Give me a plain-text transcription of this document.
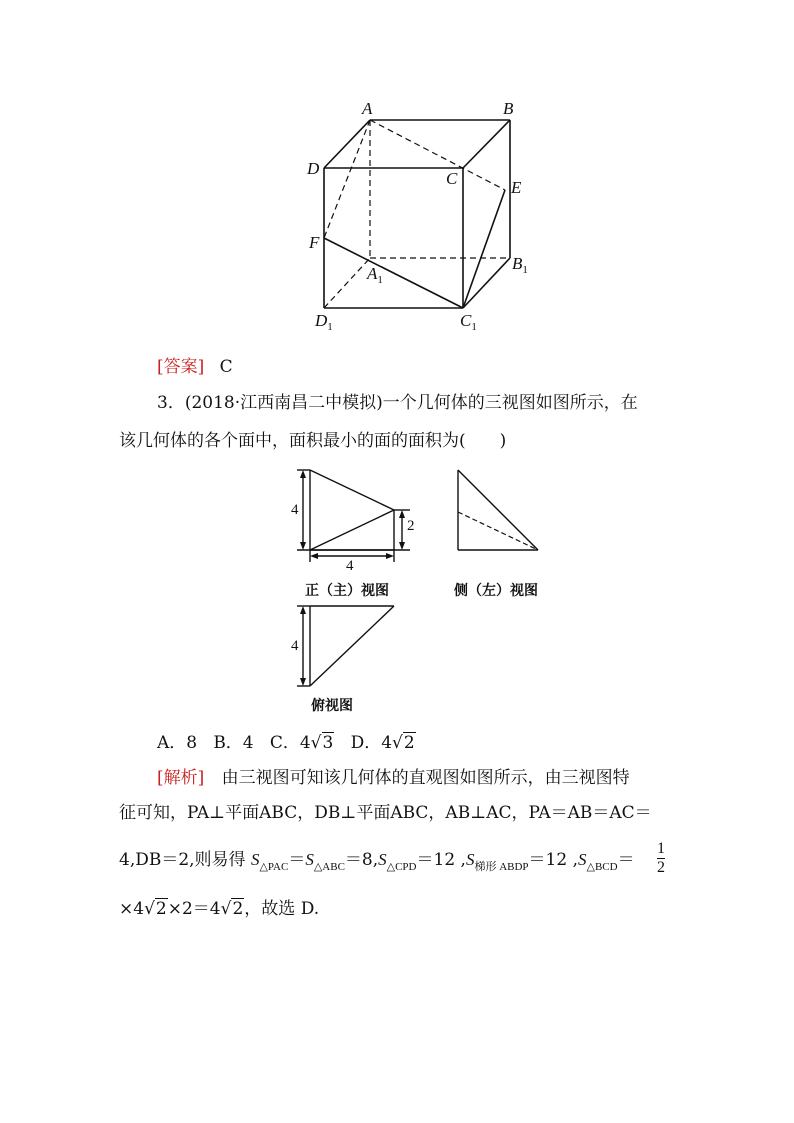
A	B
D
C	E
F
$A_1$
$B_1$
$D_1$	$C_1$
[答案] C
3．(2018·江西南昌二中模拟)一个几何体的三视图如图所示，在
该几何体的各个面中，面积最小的面的面积为(　　)
4
2
4
4
正（主）视图	侧（左）视图
俯视图
A．8 B．4 C．4√3 D．4√2
[解析] 由三视图可知该几何体的直观图如图所示，由三视图特
征可知，PA⊥平面ABC，DB⊥平面ABC，AB⊥AC，PA＝AB＝AC＝
4,DB＝2,则易得 $S_{\triangle PAC}=S_{\triangle ABC}=8,S_{\triangle CPD}=12$ $,S_{梯形 ABDP}=12$ $,S_{\triangle BCD}= \frac{1}{2}$
×4√2×2＝4√2，故选 D.
